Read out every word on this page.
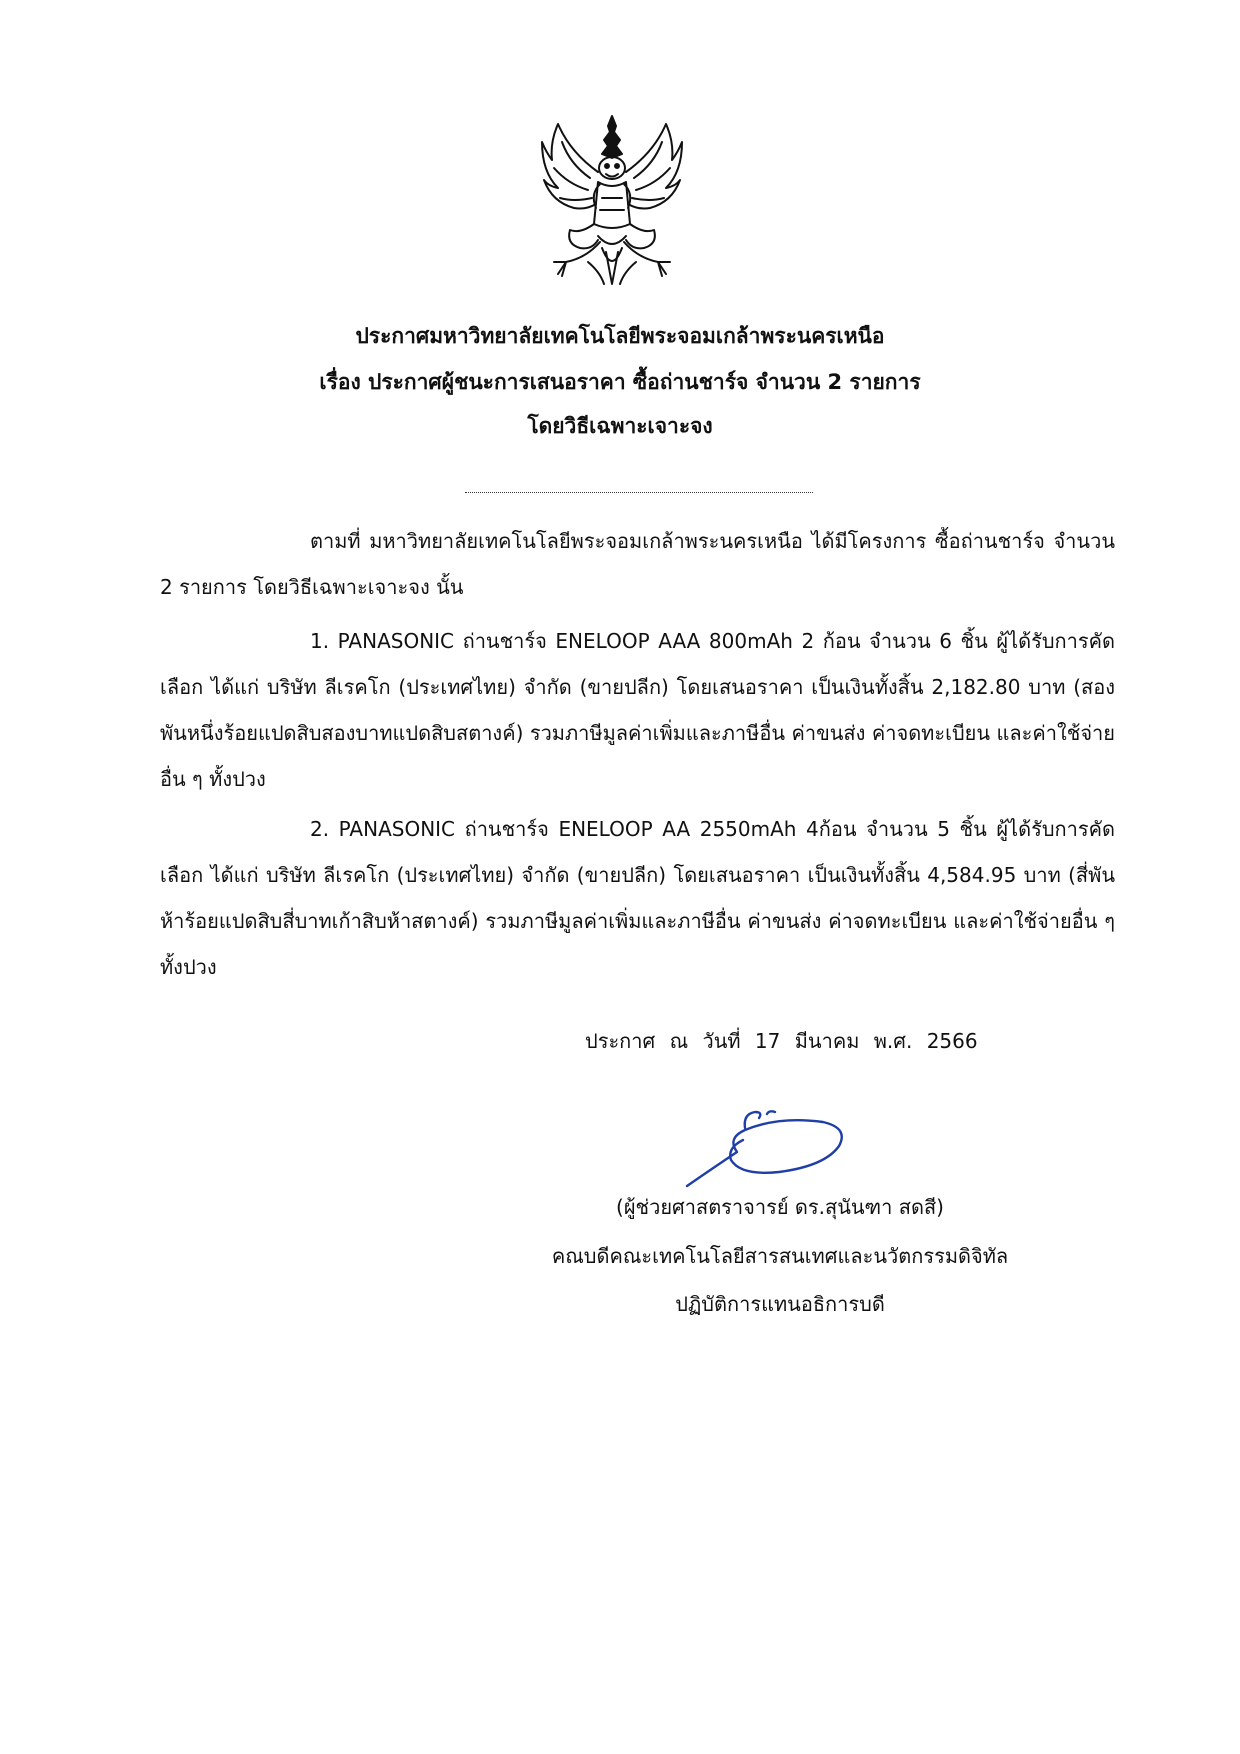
ประกาศมหาวิทยาลัยเทคโนโลยีพระจอมเกล้าพระนครเหนือ
เรื่อง ประกาศผู้ชนะการเสนอราคา ซื้อถ่านชาร์จ จำนวน 2 รายการ
โดยวิธีเฉพาะเจาะจง
ตามที่ มหาวิทยาลัยเทคโนโลยีพระจอมเกล้าพระนครเหนือ ได้มีโครงการ ซื้อถ่านชาร์จ จำนวน 2 รายการ โดยวิธีเฉพาะเจาะจง นั้น
1. PANASONIC ถ่านชาร์จ ENELOOP AAA 800mAh 2 ก้อน จำนวน 6 ชิ้น ผู้ได้รับการคัดเลือก ได้แก่ บริษัท ลีเรคโก (ประเทศไทย) จำกัด (ขายปลีก) โดยเสนอราคา เป็นเงินทั้งสิ้น 2,182.80 บาท (สองพันหนึ่งร้อยแปดสิบสองบาทแปดสิบสตางค์) รวมภาษีมูลค่าเพิ่มและภาษีอื่น ค่าขนส่ง ค่าจดทะเบียน และค่าใช้จ่ายอื่น ๆ ทั้งปวง
2. PANASONIC ถ่านชาร์จ ENELOOP AA 2550mAh 4ก้อน จำนวน 5 ชิ้น ผู้ได้รับการคัดเลือก ได้แก่ บริษัท ลีเรคโก (ประเทศไทย) จำกัด (ขายปลีก) โดยเสนอราคา เป็นเงินทั้งสิ้น 4,584.95 บาท (สี่พันห้าร้อยแปดสิบสี่บาทเก้าสิบห้าสตางค์) รวมภาษีมูลค่าเพิ่มและภาษีอื่น ค่าขนส่ง ค่าจดทะเบียน และค่าใช้จ่ายอื่น ๆ ทั้งปวง
ประกาศ ณ วันที่ 17 มีนาคม พ.ศ. 2566
(ผู้ช่วยศาสตราจารย์ ดร.สุนันฑา สดสี)
คณบดีคณะเทคโนโลยีสารสนเทศและนวัตกรรมดิจิทัล
ปฏิบัติการแทนอธิการบดี
